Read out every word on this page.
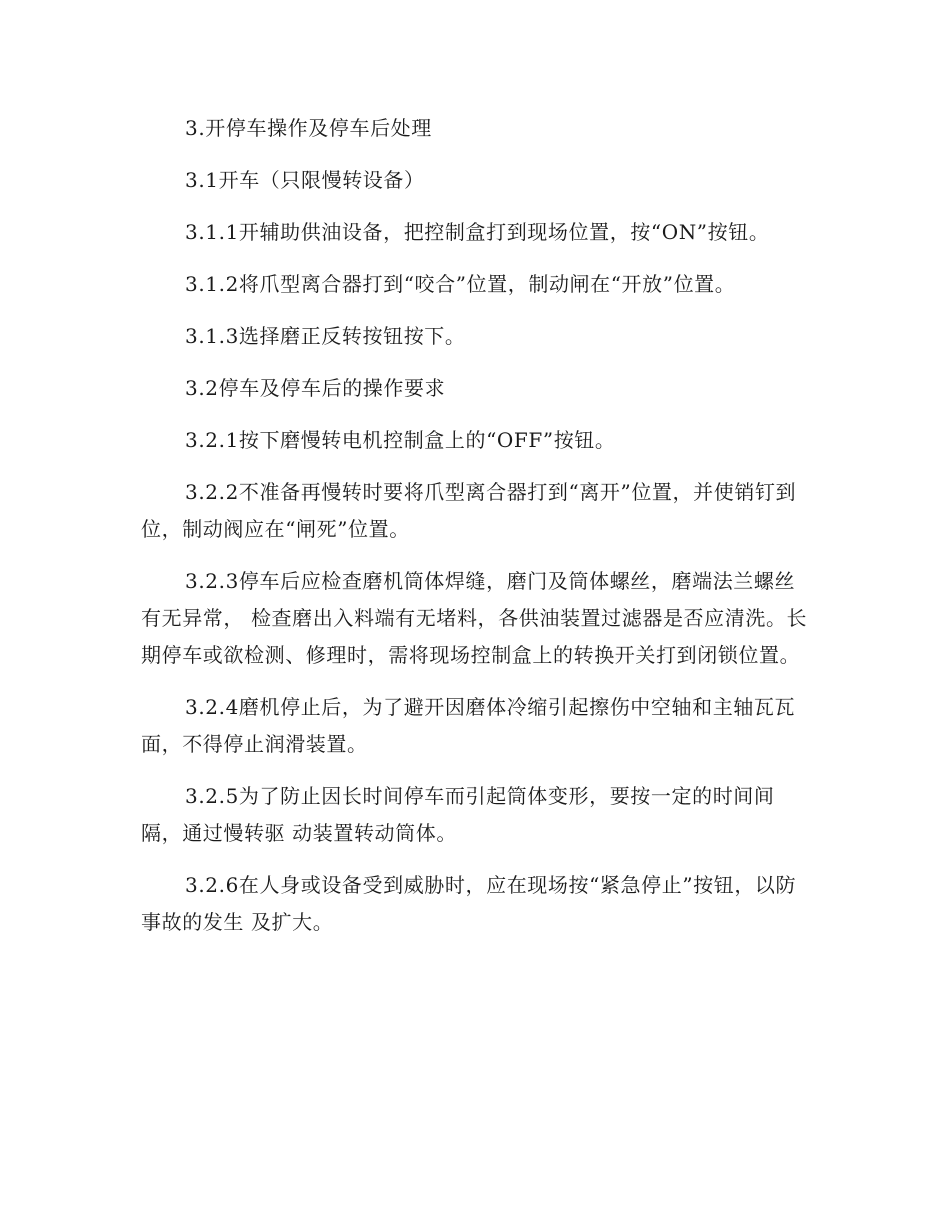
3.开停车操作及停车后处理

3.1开车（只限慢转设备）

3.1.1开辅助供油设备，把控制盒打到现场位置，按“ON”按钮。

3.1.2将爪型离合器打到“咬合”位置，制动闸在“开放”位置。

3.1.3选择磨正反转按钮按下。

3.2停车及停车后的操作要求

3.2.1按下磨慢转电机控制盒上的“OFF”按钮。

3.2.2不准备再慢转时要将爪型离合器打到“离开”位置，并使销钉到位，制动阀应在“闸死”位置。

3.2.3停车后应检查磨机筒体焊缝，磨门及筒体螺丝，磨端法兰螺丝有无异常， 检查磨出入料端有无堵料，各供油装置过滤器是否应清洗。长期停车或欲检测、修理时，需将现场控制盒上的转换开关打到闭锁位置。

3.2.4磨机停止后，为了避开因磨体冷缩引起擦伤中空轴和主轴瓦瓦面，不得停止润滑装置。

3.2.5为了防止因长时间停车而引起筒体变形，要按一定的时间间隔，通过慢转驱 动装置转动筒体。

3.2.6在人身或设备受到威胁时，应在现场按“紧急停止”按钮，以防事故的发生 及扩大。
